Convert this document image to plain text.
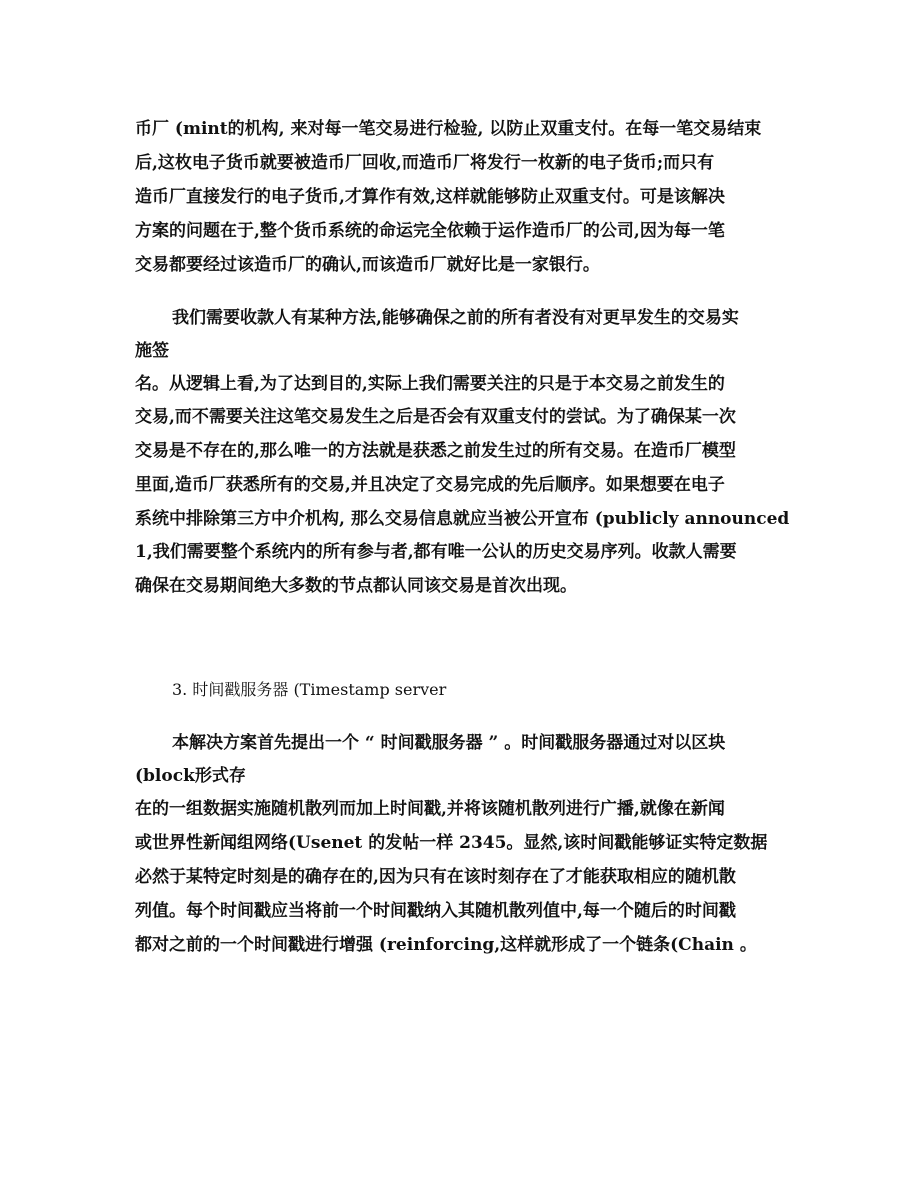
币厂 (mint的机构, 来对每一笔交易进行检验, 以防止双重支付。在每一笔交易结束
后,这枚电子货币就要被造币厂回收,而造币厂将发行一枚新的电子货币;而只有
造币厂直接发行的电子货币,才算作有效,这样就能够防止双重支付。可是该解决
方案的问题在于,整个货币系统的命运完全依赖于运作造币厂的公司,因为每一笔
交易都要经过该造币厂的确认,而该造币厂就好比是一家银行。
我们需要收款人有某种方法,能够确保之前的所有者没有对更早发生的交易实
施签
名。从逻辑上看,为了达到目的,实际上我们需要关注的只是于本交易之前发生的
交易,而不需要关注这笔交易发生之后是否会有双重支付的尝试。为了确保某一次
交易是不存在的,那么唯一的方法就是获悉之前发生过的所有交易。在造币厂模型
里面,造币厂获悉所有的交易,并且决定了交易完成的先后顺序。如果想要在电子
系统中排除第三方中介机构, 那么交易信息就应当被公开宣布 (publicly announced
1,我们需要整个系统内的所有参与者,都有唯一公认的历史交易序列。收款人需要
确保在交易期间绝大多数的节点都认同该交易是首次出现。
3. 时间戳服务器 (Timestamp server
本解决方案首先提出一个 “ 时间戳服务器 ” 。时间戳服务器通过对以区块
(block形式存
在的一组数据实施随机散列而加上时间戳,并将该随机散列进行广播,就像在新闻
或世界性新闻组网络(Usenet 的发帖一样 2345。显然,该时间戳能够证实特定数据
必然于某特定时刻是的确存在的,因为只有在该时刻存在了才能获取相应的随机散
列值。每个时间戳应当将前一个时间戳纳入其随机散列值中,每一个随后的时间戳
都对之前的一个时间戳进行增强 (reinforcing,这样就形成了一个链条(Chain 。
